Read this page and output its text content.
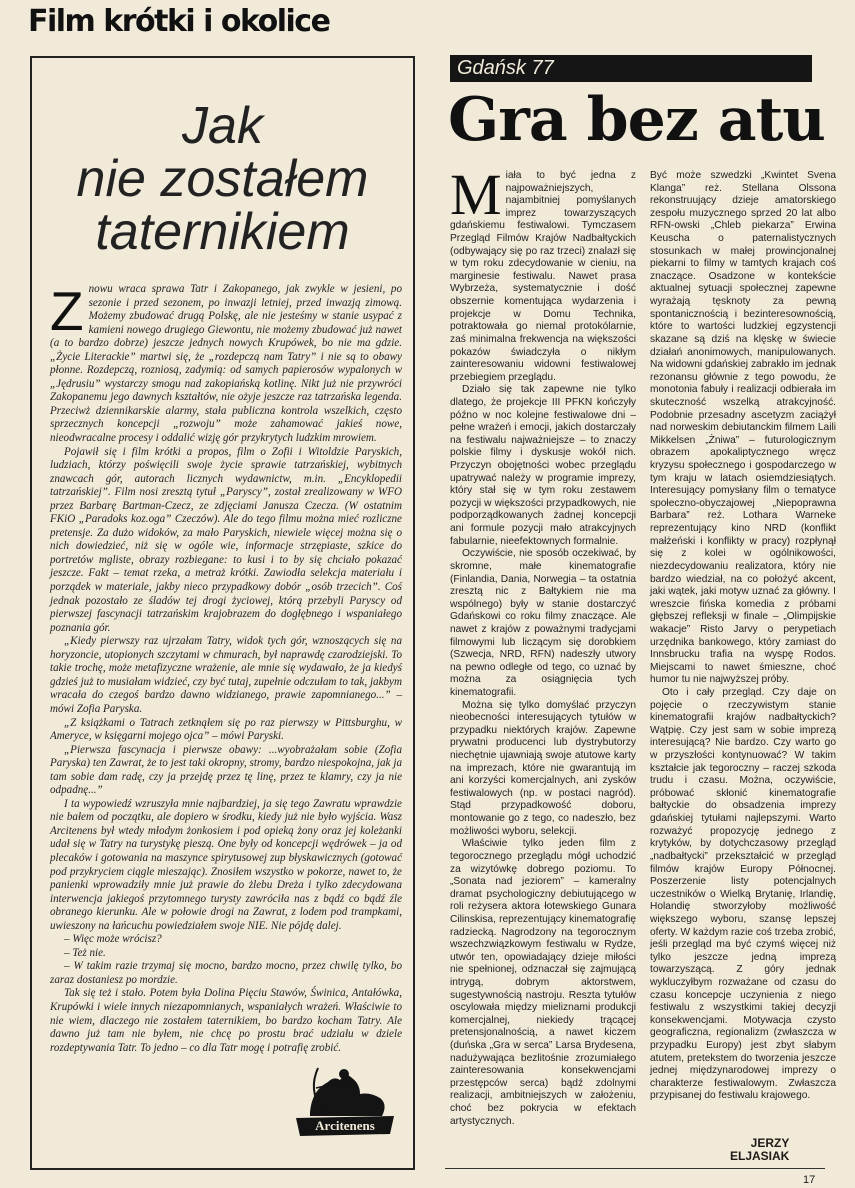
Film krótki i okolice
Jak
nie zostałem
taternikiem

Znowu wraca sprawa Tatr i Zakopanego, jak zwykle w jesieni, po sezonie i przed sezonem, po inwazji letniej, przed inwazją zimową. Możemy zbudować drugą Polskę, ale nie jesteśmy w stanie usypać z kamieni nowego drugiego Giewontu, nie możemy zbudować już nawet (a to bardzo dobrze) jeszcze jednych nowych Krupówek, bo nie ma gdzie. „Życie Literackie” martwi się, że „rozdepczą nam Tatry” i nie są to obawy płonne. Rozdepczą, rozniosą, zadymią: od samych papierosów wypalonych w „Jędrusiu” wystarczy smogu nad zakopiańską kotlinę. Nikt już nie przywróci Zakopanemu jego dawnych kształtów, nie ożyje jeszcze raz tatrzańska legenda. Przeciwż dziennikarskie alarmy, stała publiczna kontrola wszelkich, często sprzecznych koncepcji „rozwoju” może zahamować jakieś nowe, nieodwracalne procesy i oddalić wizję gór przykrytych ludzkim mrowiem.

Pojawił się i film krótki a propos, film o Zofii i Witoldzie Paryskich, ludziach, którzy poświęcili swoje życie sprawie tatrzańskiej, wybitnych znawcach gór, autorach licznych wydawnictw, m.in. „Encyklopedii tatrzańskiej”. Film nosi zresztą tytuł „Paryscy”, został zrealizowany w WFO przez Barbarę Bartman-Czecz, ze zdjęciami Janusza Czecza. (W ostatnim FKiO „Paradoks koz.oga” Czeczów). Ale do tego filmu można mieć rozliczne pretensje. Za dużo widoków, za mało Paryskich, niewiele więcej można się o nich dowiedzieć, niż się w ogóle wie, informacje strzępiaste, szkice do portretów mgliste, obrazy rozbiegane: to kusi i to by się chciało pokazać jeszcze. Fakt – temat rzeka, a metraż krótki. Zawiodła selekcja materiału i porządek w materiale, jakby nieco przypadkowy dobór „osób trzecich”. Coś jednak pozostało ze śladów tej drogi życiowej, którą przebyli Paryscy od pierwszej fascynacji tatrzańskim krajobrazem do dogłębnego i wspaniałego poznania gór.

„Kiedy pierwszy raz ujrzałam Tatry, widok tych gór, wznoszących się na horyzoncie, utopionych szczytami w chmurach, był naprawdę czarodziejski. To takie trochę, może metafizyczne wrażenie, ale mnie się wydawało, że ja kiedyś gdzieś już to musiałam widzieć, czy być tutaj, zupełnie odczułam to tak, jakbym wracała do czegoś bardzo dawno widzianego, prawie zapomnianego...” – mówi Zofia Paryska.

„Z książkami o Tatrach zetknąłem się po raz pierwszy w Pittsburghu, w Ameryce, w księgarni mojego ojca” – mówi Paryski.

„Pierwsza fascynacja i pierwsze obawy: ...wyobrażałam sobie (Zofia Paryska) ten Zawrat, że to jest taki okropny, stromy, bardzo niespokojna, jak ja tam sobie dam radę, czy ja przejdę przez tę linę, przez te klamry, czy ja nie odpadnę...”

I ta wypowiedź wzruszyła mnie najbardziej, ja się tego Zawratu wprawdzie nie bałem od początku, ale dopiero w środku, kiedy już nie było wyjścia. Wasz Arcitenens był wtedy młodym żonkosiem i pod opieką żony oraz jej koleżanki udał się w Tatry na turystykę pieszą. One były od koncepcji wędrówek – ja od plecaków i gotowania na maszynce spirytusowej zup błyskawicznych (gotować pod przykryciem ciągle mieszając). Znosiłem wszystko w pokorze, nawet to, że panienki wprowadziły mnie już prawie do żlebu Dreża i tylko zdecydowana interwencja jakiegoś przytomnego turysty zawróciła nas z bądź co bądź źle obranego kierunku. Ale w połowie drogi na Zawrat, z lodem pod trampkami, uwieszony na łańcuchu powiedziałem swoje NIE. Nie pójdę dalej.

– Więc może wrócisz?

– Też nie.

– W takim razie trzymaj się mocno, bardzo mocno, przez chwilę tylko, bo zaraz dostaniesz po mordzie.

Tak się też i stało. Potem była Dolina Pięciu Stawów, Świnica, Antałówka, Krupówki i wiele innych niezapomnianych, wspaniałych wrażeń. Właściwie to nie wiem, dlaczego nie zostałem taternikiem, bo bardzo kocham Tatry. Ale dawno już tam nie byłem, nie chcę po prostu brać udziału w dziele rozdeptywania Tatr. To jedno – co dla Tatr mogę i potrafię zrobić.

Arcitenens
Gdańsk 77
Gra bez atu

Miała to być jedna z najpoważniejszych, najambitniej pomyślanych imprez towarzyszących gdańskiemu festiwalowi. Tymczasem Przegląd Filmów Krajów Nadbałtyckich (odbywający się po raz trzeci) znalazł się w tym roku zdecydowanie w cieniu, na marginesie festiwalu. Nawet prasa Wybrzeża, systematycznie i dość obszernie komentująca wydarzenia i projekcje w Domu Technika, potraktowała go niemal protokólarnie, zaś minimalna frekwencja na większości pokazów świadczyła o nikłym zainteresowaniu widowni festiwalowej przebiegiem przeglądu.

Działo się tak zapewne nie tylko dlatego, że projekcje III PFKN kończyły późno w noc kolejne festiwalowe dni – pełne wrażeń i emocji, jakich dostarczały na festiwalu najważniejsze – to znaczy polskie filmy i dyskusje wokół nich. Przyczyn obojętności wobec przeglądu upatrywać należy w programie imprezy, który stał się w tym roku zestawem pozycji w większości przypadkowych, nie podporządkowanych żadnej koncepcji ani formule pozycji mało atrakcyjnych fabularnie, nieefektownych formalnie.

Oczywiście, nie sposób oczekiwać, by skromne, małe kinematografie (Finlandia, Dania, Norwegia – ta ostatnia zresztą nic z Bałtykiem nie ma wspólnego) były w stanie dostarczyć Gdańskowi co roku filmy znaczące. Ale nawet z krajów z poważnymi tradycjami filmowymi lub liczącym się dorobkiem (Szwecja, NRD, RFN) nadeszły utwory na pewno odległe od tego, co uznać by można za osiągnięcia tych kinematografii.

Można się tylko domyślać przyczyn nieobecności interesujących tytułów w przypadku niektórych krajów. Zapewne prywatni producenci lub dystrybutorzy niechętnie ujawniają swoje atutowe karty na imprezach, które nie gwarantują im ani korzyści komercjalnych, ani zysków festiwalowych (np. w postaci nagród). Stąd przypadkowość doboru, montowanie go z tego, co nadeszło, bez możliwości wyboru, selekcji.

Właściwie tylko jeden film z tegorocznego przeglądu mógł uchodzić za wizytówkę dobrego poziomu. To „Sonata nad jeziorem” – kameralny dramat psychologiczny debiutującego w roli reżysera aktora łotewskiego Gunara Cilinskisa, reprezentujący kinematografię radziecką. Nagrodzony na tegorocznym wszechzwiązkowym festiwalu w Rydze, utwór ten, opowiadający dzieje miłości nie spełnionej, odznaczał się zajmującą intrygą, dobrym aktorstwem, sugestywnością nastroju. Reszta tytułów oscylowała między mieliznami produkcji komercjalnej, niekiedy trącącej pretensjonalnością, a nawet kiczem (duńska „Gra w serca” Larsa Brydesena, nadużywająca bezlitośnie zrozumiałego zainteresowania konsekwencjami przestępców serca) bądź zdolnymi realizacji, ambitniejszych w założeniu, choć bez pokrycia w efektach artystycznych.

Być może szwedzki „Kwintet Svena Klanga” reż. Stellana Olssona rekonstruujący dzieje amatorskiego zespołu muzycznego sprzed 20 lat albo RFN-owski „Chleb piekarza” Erwina Keuscha o paternalistycznych stosunkach w małej prowincjonalnej piekarni to filmy w tamtych krajach coś znaczące. Osadzone w kontekście aktualnej sytuacji społecznej zapewne wyrażają tęsknoty za pewną spontanicznością i bezinteresownością, które to wartości ludzkiej egzystencji skazane są dziś na klęskę w świecie działań anonimowych, manipulowanych. Na widowni gdańskiej zabrakło im jednak rezonansu głównie z tego powodu, że monotonia fabuły i realizacji odbierała im skuteczność wszelką atrakcyjność. Podobnie przesadny ascetyzm zaciążył nad norweskim debiutanckim filmem Laili Mikkelsen „Żniwa” – futurologicznym obrazem apokaliptycznego wręcz kryzysu społecznego i gospodarczego w tym kraju w latach osiemdziesiątych. Interesujący pomysłany film o tematyce społeczno-obyczajowej „Niepoprawna Barbara” reż. Lothara Warneke reprezentujący kino NRD (konflikt małżeński i konflikty w pracy) rozpłynął się z kolei w ogólnikowości, niezdecydowaniu realizatora, który nie bardzo wiedział, na co położyć akcent, jaki wątek, jaki motyw uznać za główny. I wreszcie fińska komedia z próbami głębszej refleksji w finale – „Olimpijskie wakacje” Risto Jarvy o perypetiach urzędnika bankowego, który zamiast do Innsbrucku trafia na wyspę Rodos. Miejscami to nawet śmieszne, choć humor tu nie najwyższej próby.

Oto i cały przegląd. Czy daje on pojęcie o rzeczywistym stanie kinematografii krajów nadbałtyckich? Wątpię. Czy jest sam w sobie imprezą interesującą? Nie bardzo. Czy warto go w przyszłości kontynuować? W takim kształcie jak tegoroczny – raczej szkoda trudu i czasu. Można, oczywiście, próbować skłonić kinematografie bałtyckie do obsadzenia imprezy gdańskiej tytułami najlepszymi. Warto rozważyć propozycję jednego z krytyków, by dotychczasowy przegląd „nadbałtycki” przekształcić w przegląd filmów krajów Europy Północnej. Poszerzenie listy potencjalnych uczestników o Wielką Brytanię, Irlandię, Holandię stworzyłoby możliwość większego wyboru, szansę lepszej oferty. W każdym razie coś trzeba zrobić, jeśli przegląd ma być czymś więcej niż tylko jeszcze jedną imprezą towarzyszącą. Z góry jednak wykluczyłbym rozważane od czasu do czasu koncepcje uczynienia z niego festiwalu z wszystkimi takiej decyzji konsekwencjami. Motywacja czysto geograficzna, regionalizm (zwłaszcza w przypadku Europy) jest zbyt słabym atutem, pretekstem do tworzenia jeszcze jednej międzynarodowej imprezy o charakterze festiwalowym. Zwłaszcza przypisanej do festiwalu krajowego.

JERZY
ELJASIAK
17
